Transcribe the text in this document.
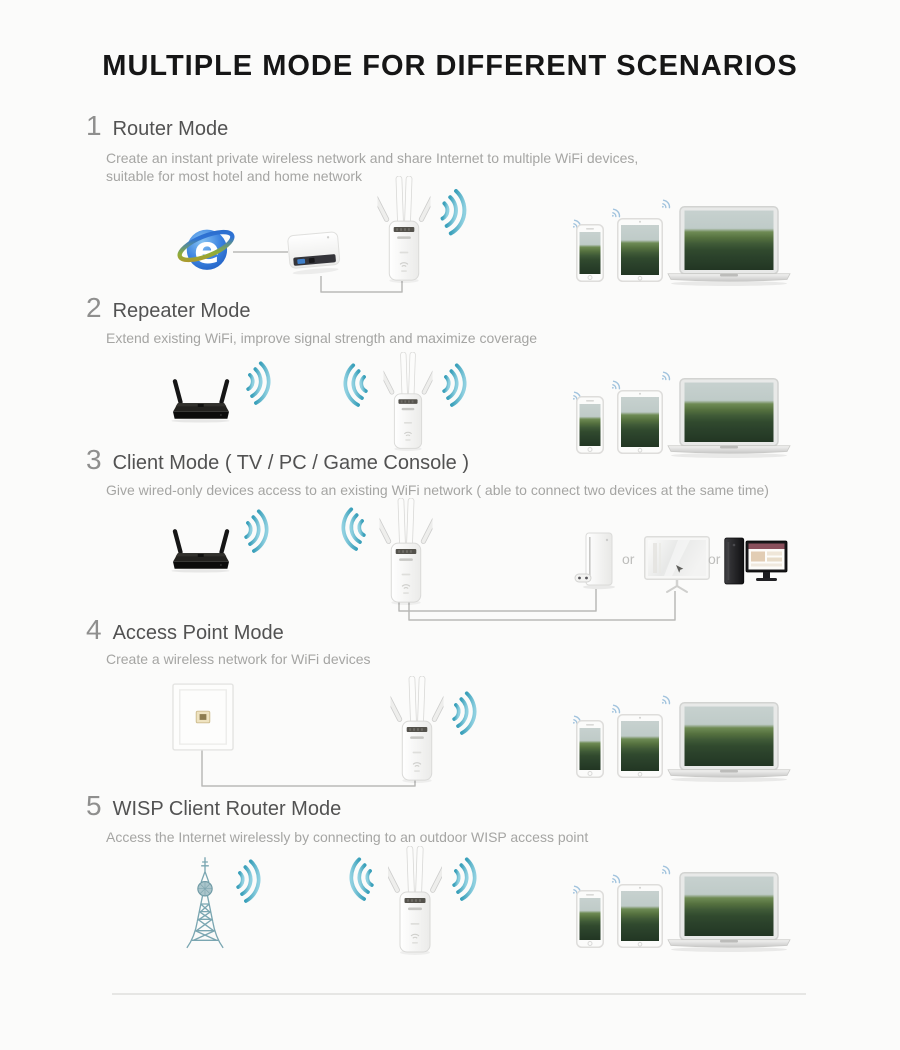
MULTIPLE MODE FOR DIFFERENT SCENARIOS
1 Router Mode

Create an instant private wireless network and share Internet to multiple WiFi devices, suitable for most hotel and home network

2 Repeater Mode

Extend existing WiFi, improve signal strength and maximize coverage

3 Client Mode ( TV / PC / Game Console )

Give wired-only devices access to an existing WiFi network ( able to connect two devices at the same time)

or	or
4 Access Point Mode

Create a wireless network for WiFi devices

5 WISP Client Router Mode

Access the Internet wirelessly by connecting to an outdoor WISP access point
